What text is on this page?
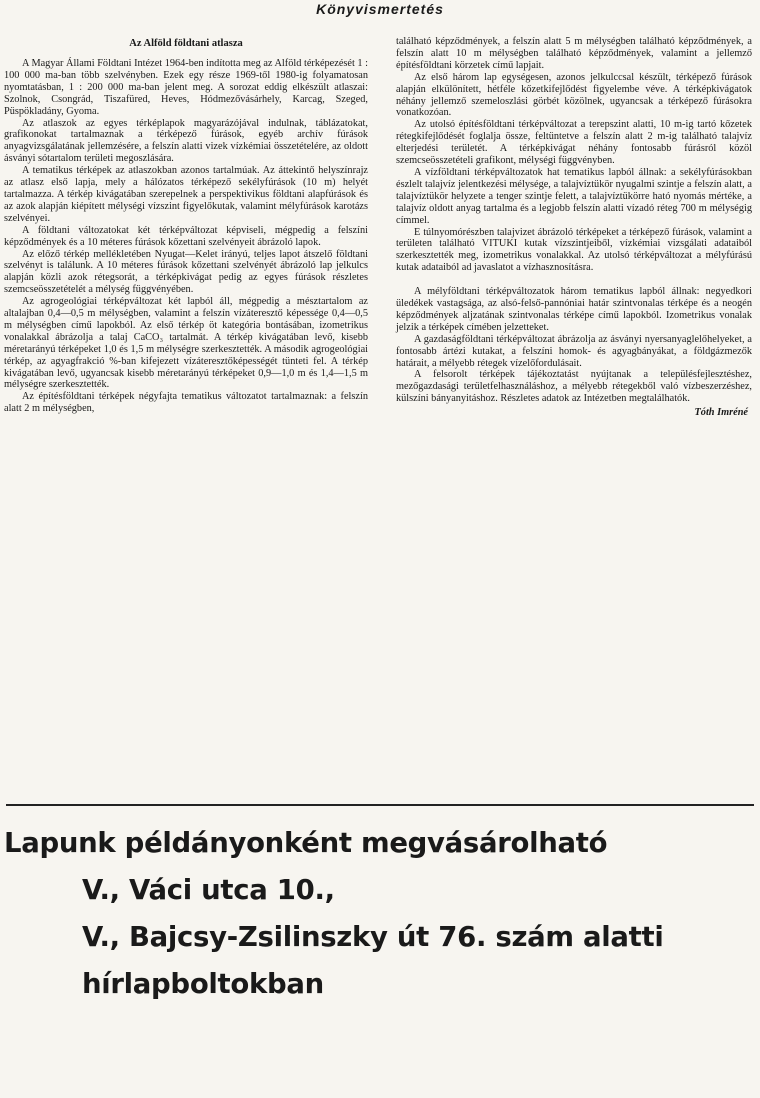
Könyvismertetés
Az Alföld földtani atlasza

A Magyar Állami Földtani Intézet 1964-ben indította meg az Alföld térképezését 1 : 100 000 ma-ban több szelvényben. Ezek egy része 1969-től 1980-ig folyamatosan nyomtatásban, 1 : 200 000 ma-ban jelent meg. A sorozat eddig elkészült atlaszai: Szolnok, Csongrád, Tiszafüred, Heves, Hódmezővásárhely, Karcag, Szeged, Püspökladány, Gyoma.

Az atlaszok az egyes térképlapok magyarázójával indulnak, táblázatokat, grafikonokat tartalmaznak a térképező fúrások, egyéb archív fúrások anyagvizsgálatának jellemzésére, a felszín alatti vizek vízkémiai összetételére, az oldott ásványi sótartalom területi megoszlására.

A tematikus térképek az atlaszokban azonos tartalmúak. Az áttekintő helyszínrajz az atlasz első lapja, mely a hálózatos térképező sekélyfúrások (10 m) helyét tartalmazza. A térkép kivágatában szerepelnek a perspektivikus földtani alapfúrások és az azok alapján kiépített mélységi vízszint figyelőkutak, valamint mélyfúrások karotázs szelvényei.

A földtani változatokat két térképváltozat képviseli, mégpedig a felszíni képződmények és a 10 méteres fúrások kőzettani szelvényeit ábrázoló lapok.

Az előző térkép mellékletében Nyugat—Kelet irányú, teljes lapot átszelő földtani szelvényt is találunk. A 10 méteres fúrások kőzettani szelvényét ábrázoló lap jelkulcs alapján közli azok rétegsorát, a térképkivágat pedig az egyes fúrások részletes szemcseösszetételét a mélység függvényében.

Az agrogeológiai térképváltozat két lapból áll, mégpedig a mésztartalom az altalajban 0,4—0,5 m mélységben, valamint a felszín vízáteresztő képessége 0,4—0,5 m mélységben című lapokból. Az első térkép öt kategória bontásában, izometrikus vonalakkal ábrázolja a talaj CaCO₃ tartalmát. A térkép kivágatában levő, kisebb méretarányú térképeket 1,0 és 1,5 m mélységre szerkesztették. A második agrogeológiai térkép, az agyagfrakció %-ban kifejezett vízáteresztőképességét tünteti fel. A térkép kivágatában levő, ugyancsak kisebb méretarányú térképeket 0,9—1,0 m és 1,4—1,5 m mélységre szerkesztették.

Az építésföldtani térképek négyfajta tematikus változatot tartalmaznak: a felszín alatt 2 m mélységben,

található képződmények, a felszín alatt 5 m mélységben található képződmények, a felszín alatt 10 m mélységben található képződmények, valamint a jellemző építésföldtani körzetek című lapjait.

Az első három lap egységesen, azonos jelkulccsal készült, térképező fúrások alapján elkülönített, hétféle kőzetkifejlődést figyelembe véve. A térképkivágatok néhány jellemző szemeloszlási görbét közölnek, ugyancsak a térképező fúrásokra vonatkozóan.

Az utolsó építésföldtani térképváltozat a terepszint alatti, 10 m-ig tartó kőzetek rétegkifejlődését foglalja össze, feltüntetve a felszín alatt 2 m-ig található talajvíz elterjedési területét. A térképkivágat néhány fontosabb fúrásról közöl szemcseösszetételi grafikont, mélységi függvényben.

A vízföldtani térképváltozatok hat tematikus lapból állnak: a sekélyfúrásokban észlelt talajvíz jelentkezési mélysége, a talajvíztükör nyugalmi szintje a felszín alatt, a talajvíztükör helyzete a tenger szintje felett, a talajvíztükörre ható nyomás mértéke, a talajvíz oldott anyag tartalma és a legjobb felszín alatti vízadó réteg 700 m mélységig címmel.

E túlnyomórészben talajvizet ábrázoló térképeket a térképező fúrások, valamint a területen található VITUKI kutak vízszintjeiből, vízkémiai vizsgálati adataiból szerkesztették meg, izometrikus vonalakkal. Az utolsó térképváltozat a mélyfúrású kutak adataiból ad javaslatot a vízhasznosításra.

A mélyföldtani térképváltozatok három tematikus lapból állnak: negyedkori üledékek vastagsága, az alsó-felső-pannóniai határ szintvonalas térképe és a neogén képződmények aljzatának szintvonalas térképe című lapokból. Izometrikus vonalak jelzik a térképek címében jelzetteket.

A gazdaságföldtani térképváltozat ábrázolja az ásványi nyersanyaglelőhelyeket, a fontosabb ártézi kutakat, a felszíni homok- és agyagbányákat, a földgázmezők határait, a mélyebb rétegek vízelőfordulásait.

A felsorolt térképek tájékoztatást nyújtanak a településfejlesztéshez, mezőgazdasági területfelhasználáshoz, a mélyebb rétegekből való vízbeszerzéshez, külszíni bányanyitáshoz. Részletes adatok az Intézetben megtalálhatók.

Tóth Imréné
Lapunk példányonként megvásárolható
V., Váci utca 10.,
V., Bajcsy-Zsilinszky út 76. szám alatti
hírlapboltokban
